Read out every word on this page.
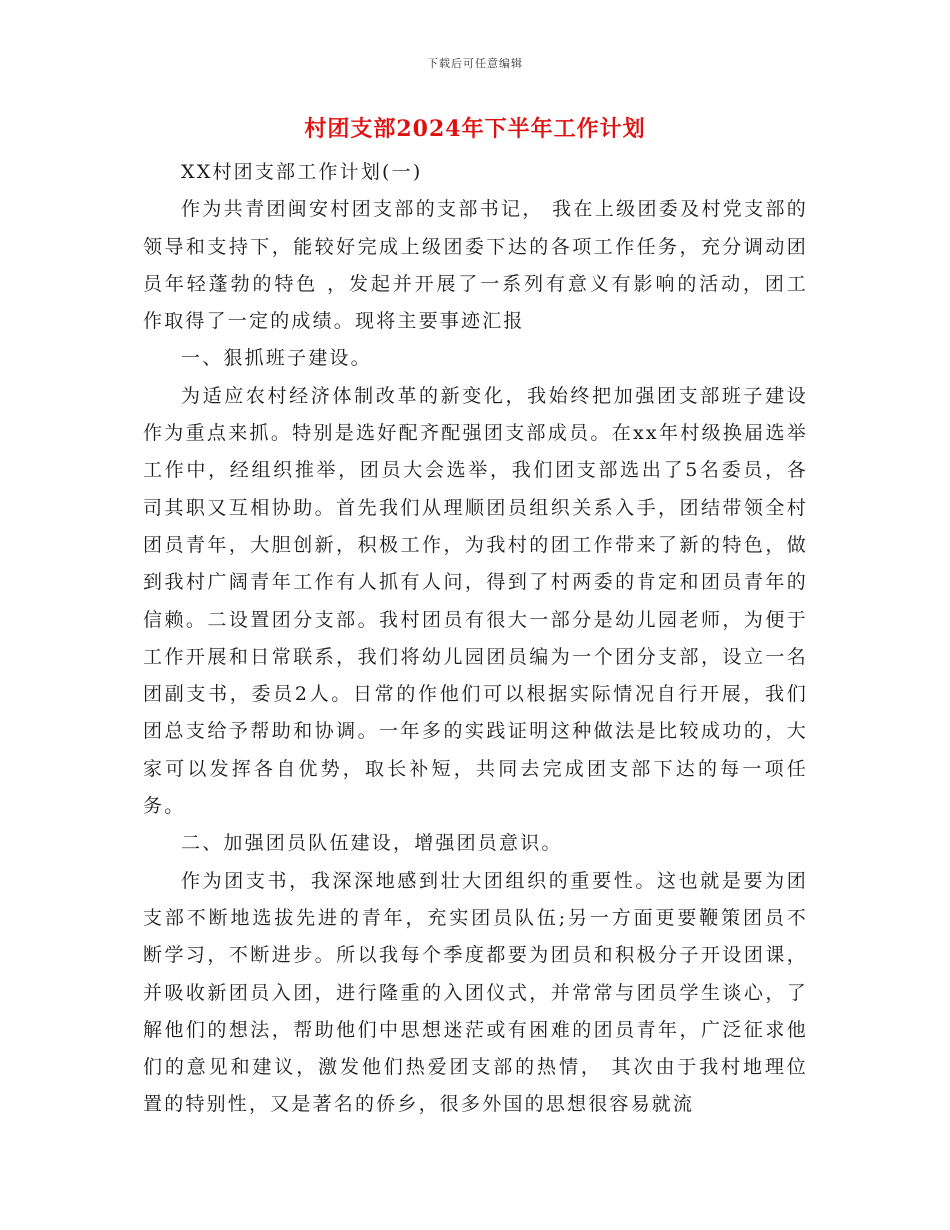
下载后可任意编辑
村团支部2024年下半年工作计划

XX村团支部工作计划(一)

作为共青团闽安村团支部的支部书记， 我在上级团委及村党支部的领导和支持下，能较好完成上级团委下达的各项工作任务，充分调动团员年轻蓬勃的特色 ，发起并开展了一系列有意义有影响的活动，团工作取得了一定的成绩。现将主要事迹汇报

一、狠抓班子建设。

为适应农村经济体制改革的新变化，我始终把加强团支部班子建设作为重点来抓。特别是选好配齐配强团支部成员。在xx年村级换届选举工作中，经组织推举，团员大会选举，我们团支部选出了5名委员，各司其职又互相协助。首先我们从理顺团员组织关系入手，团结带领全村团员青年，大胆创新，积极工作，为我村的团工作带来了新的特色，做到我村广阔青年工作有人抓有人问，得到了村两委的肯定和团员青年的信赖。二设置团分支部。我村团员有很大一部分是幼儿园老师，为便于工作开展和日常联系，我们将幼儿园团员编为一个团分支部，设立一名团副支书，委员2人。日常的作他们可以根据实际情况自行开展，我们团总支给予帮助和协调。一年多的实践证明这种做法是比较成功的，大家可以发挥各自优势，取长补短，共同去完成团支部下达的每一项任务。

二、加强团员队伍建设，增强团员意识。

作为团支书，我深深地感到壮大团组织的重要性。这也就是要为团支部不断地选拔先进的青年，充实团员队伍;另一方面更要鞭策团员不断学习，不断进步。所以我每个季度都要为团员和积极分子开设团课，并吸收新团员入团，进行隆重的入团仪式，并常常与团员学生谈心，了解他们的想法，帮助他们中思想迷茫或有困难的团员青年，广泛征求他们的意见和建议，激发他们热爱团支部的热情， 其次由于我村地理位置的特别性，又是著名的侨乡，很多外国的思想很容易就流
